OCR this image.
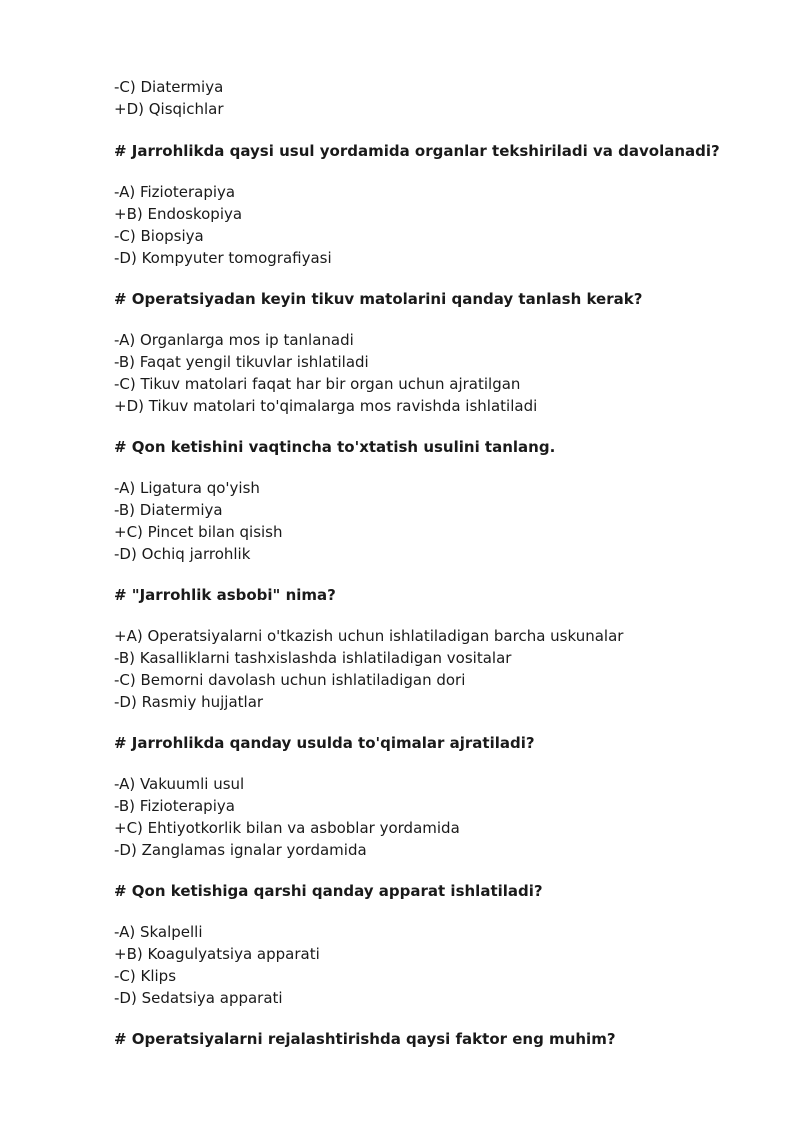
-C) Diatermiya
+D) Qisqichlar
# Jarrohlikda qaysi usul yordamida organlar tekshiriladi va davolanadi?
-A) Fizioterapiya
+B) Endoskopiya
-C) Biopsiya
-D) Kompyuter tomografiyasi
# Operatsiyadan keyin tikuv matolarini qanday tanlash kerak?
-A) Organlarga mos ip tanlanadi
-B) Faqat yengil tikuvlar ishlatiladi
-C) Tikuv matolari faqat har bir organ uchun ajratilgan
+D) Tikuv matolari to'qimalarga mos ravishda ishlatiladi
# Qon ketishini vaqtincha to'xtatish usulini tanlang.
-A) Ligatura qo'yish
-B) Diatermiya
+C) Pincet bilan qisish
-D) Ochiq jarrohlik
# "Jarrohlik asbobi" nima?
+A) Operatsiyalarni o'tkazish uchun ishlatiladigan barcha uskunalar
-B) Kasalliklarni tashxislashda ishlatiladigan vositalar
-C) Bemorni davolash uchun ishlatiladigan dori
-D) Rasmiy hujjatlar
# Jarrohlikda qanday usulda to'qimalar ajratiladi?
-A) Vakuumli usul
-B) Fizioterapiya
+C) Ehtiyotkorlik bilan va asboblar yordamida
-D) Zanglamas ignalar yordamida
# Qon ketishiga qarshi qanday apparat ishlatiladi?
-A) Skalpelli
+B) Koagulyatsiya apparati
-C) Klips
-D) Sedatsiya apparati
# Operatsiyalarni rejalashtirishda qaysi faktor eng muhim?
